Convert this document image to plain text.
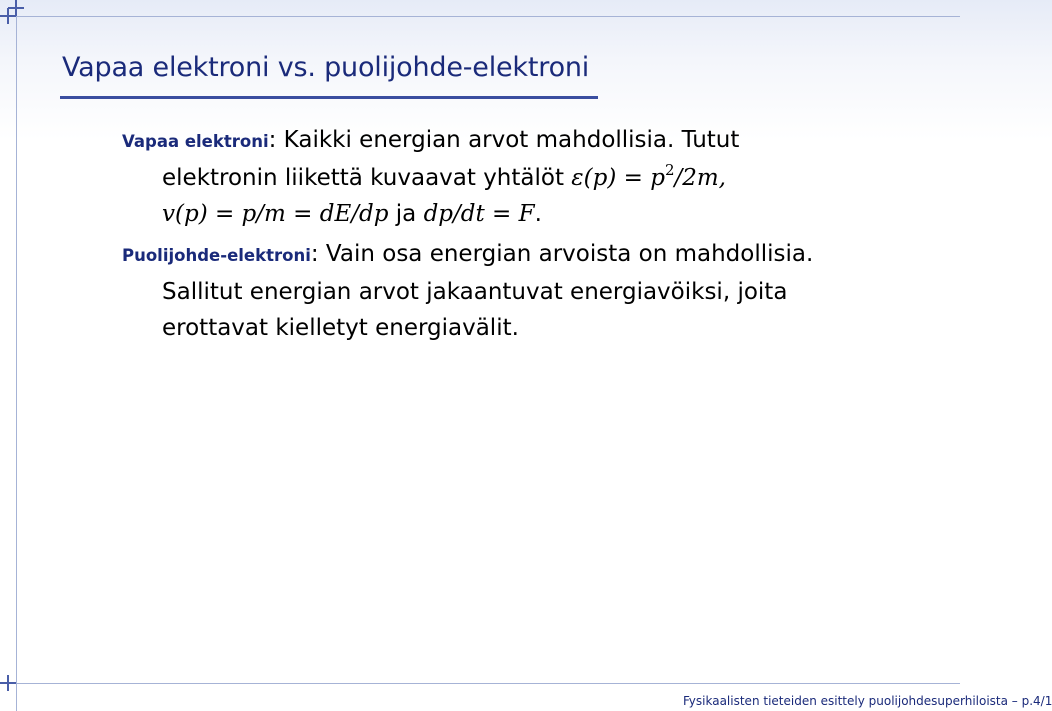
Vapaa elektroni vs. puolijohde-elektroni
Vapaa elektroni: Kaikki energian arvot mahdollisia. Tutut
elektronin liikettä kuvaavat yhtälöt $\varepsilon(p) = p^2/2m$,
v(p) = p/m = dE/dp ja dp/dt = F.
Puolijohde-elektroni: Vain osa energian arvoista on mahdollisia.
Sallitut energian arvot jakaantuvat energiavöiksi, joita
erottavat kielletyt energiavälit.
Fysikaalisten tieteiden esittely puolijohdesuperhiloista – p.4/1
